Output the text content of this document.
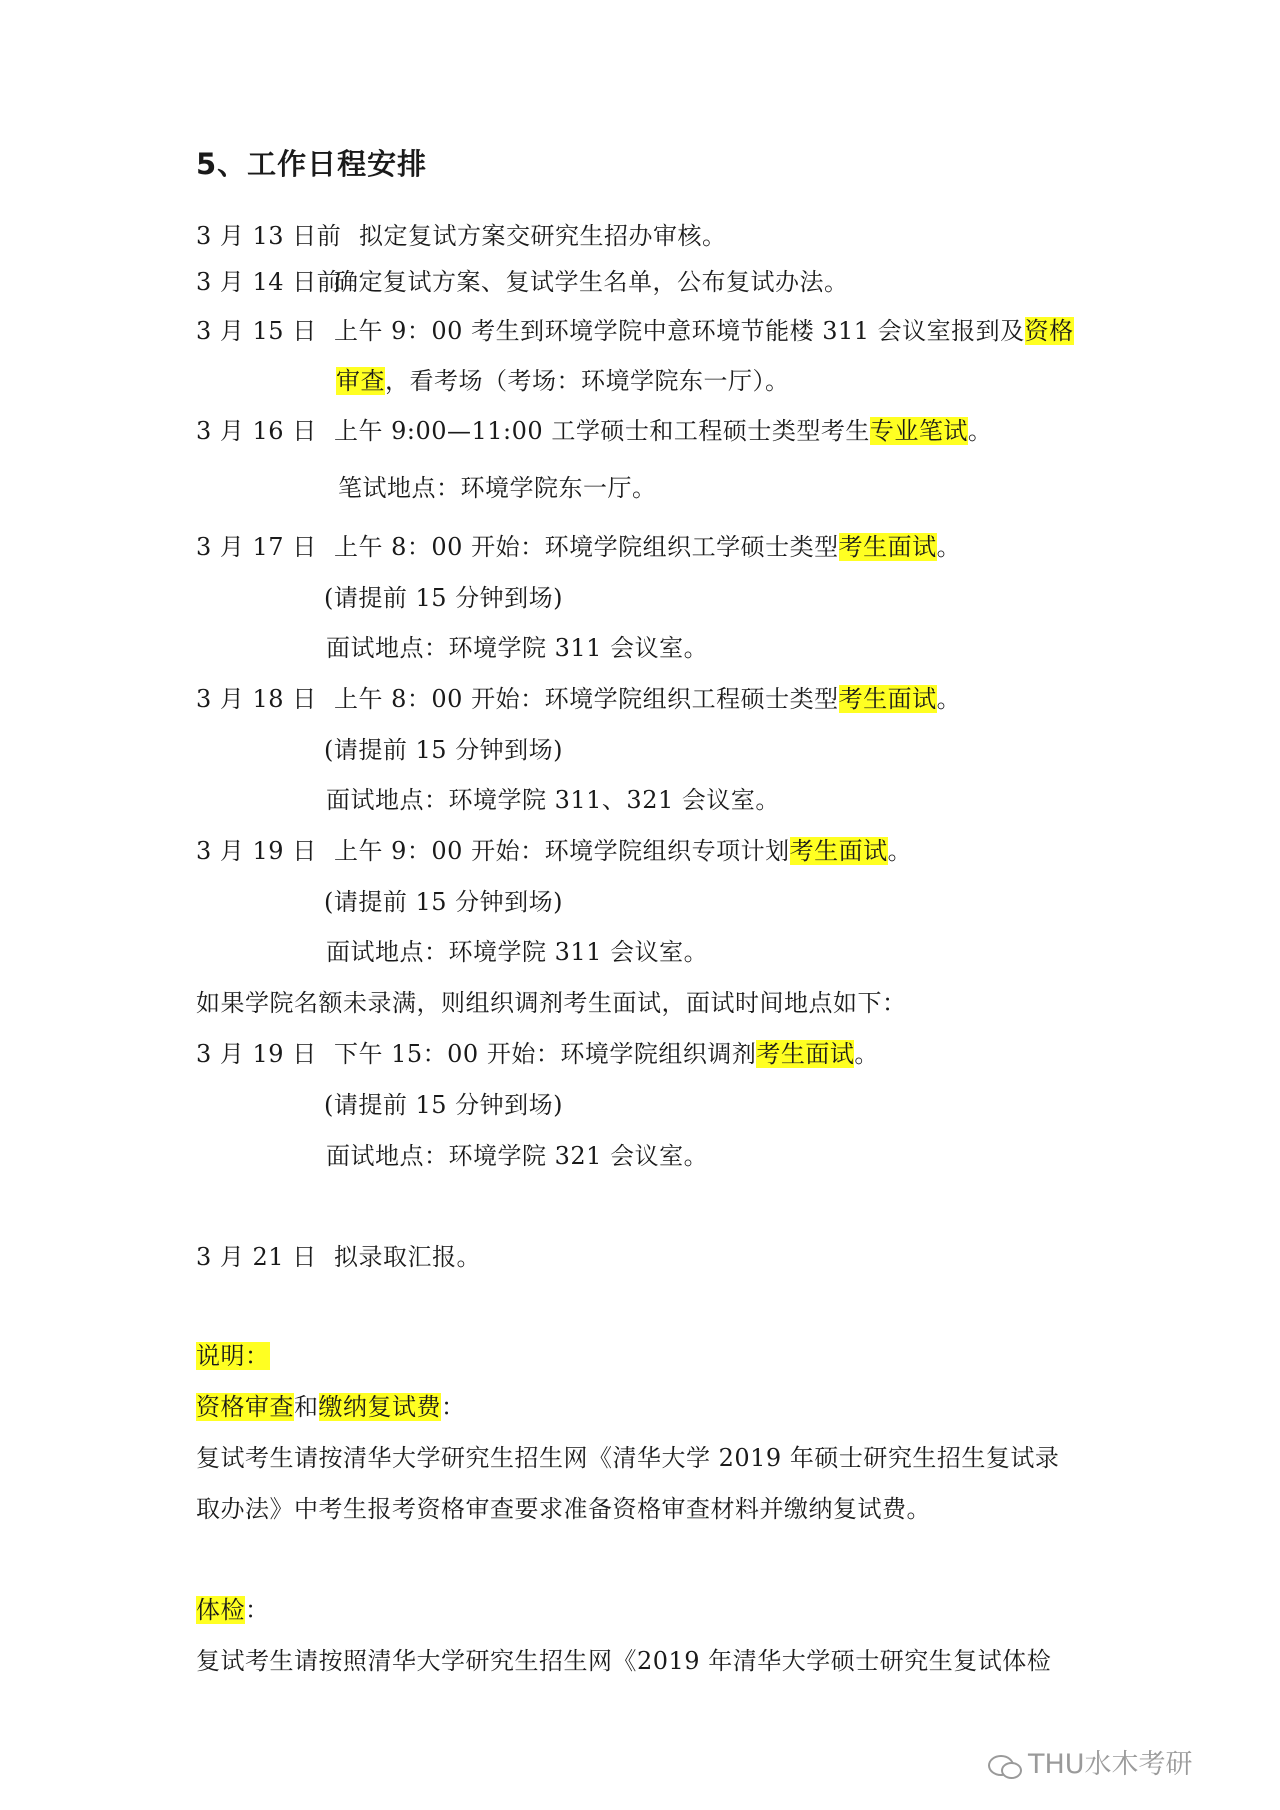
5、工作日程安排
3 月 13 日前 拟定复试方案交研究生招办审核。
3 月 14 日前确定复试方案、复试学生名单，公布复试办法。
3 月 15 日 上午 9：00 考生到环境学院中意环境节能楼 311 会议室报到及资格
审查，看考场（考场：环境学院东一厅）。
3 月 16 日 上午 9:00—11:00 工学硕士和工程硕士类型考生专业笔试。
笔试地点：环境学院东一厅。
3 月 17 日 上午 8：00 开始：环境学院组织工学硕士类型考生面试。
(请提前 15 分钟到场)
面试地点：环境学院 311 会议室。
3 月 18 日 上午 8：00 开始：环境学院组织工程硕士类型考生面试。
(请提前 15 分钟到场)
面试地点：环境学院 311、321 会议室。
3 月 19 日 上午 9：00 开始：环境学院组织专项计划考生面试。
(请提前 15 分钟到场)
面试地点：环境学院 311 会议室。
如果学院名额未录满，则组织调剂考生面试，面试时间地点如下：
3 月 19 日 下午 15：00 开始：环境学院组织调剂考生面试。
(请提前 15 分钟到场)
面试地点：环境学院 321 会议室。
3 月 21 日 拟录取汇报。
说明：
资格审查和缴纳复试费：
复试考生请按清华大学研究生招生网《清华大学 2019 年硕士研究生招生复试录
取办法》中考生报考资格审查要求准备资格审查材料并缴纳复试费。
体检：
复试考生请按照清华大学研究生招生网《2019 年清华大学硕士研究生复试体检
THU水木考研
